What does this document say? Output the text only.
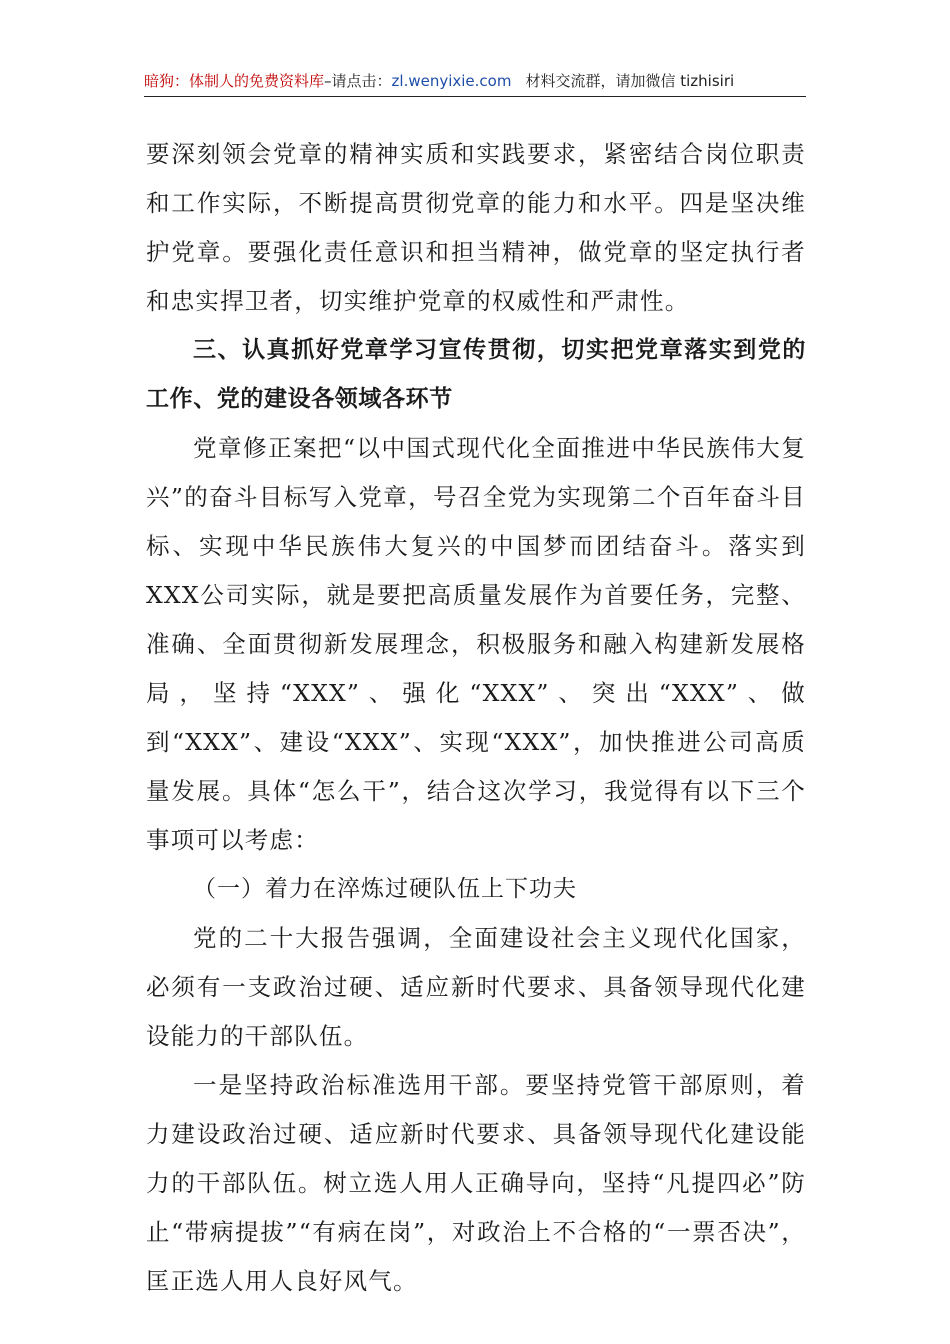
暗狗：体制人的免费资料库–请点击：zl.wenyixie.com 材料交流群，请加微信 tizhisiri

要深刻领会党章的精神实质和实践要求，紧密结合岗位职责和工作实际，不断提高贯彻党章的能力和水平。四是坚决维护党章。要强化责任意识和担当精神，做党章的坚定执行者和忠实捍卫者，切实维护党章的权威性和严肃性。

三、认真抓好党章学习宣传贯彻，切实把党章落实到党的工作、党的建设各领域各环节

党章修正案把“以中国式现代化全面推进中华民族伟大复兴”的奋斗目标写入党章，号召全党为实现第二个百年奋斗目标、实现中华民族伟大复兴的中国梦而团结奋斗。落实到XXX公司实际，就是要把高质量发展作为首要任务，完整、准确、全面贯彻新发展理念，积极服务和融入构建新发展格局，坚持“XXX”、强化“XXX”、突出“XXX”、做到“XXX”、建设“XXX”、实现“XXX”，加快推进公司高质量发展。具体“怎么干”，结合这次学习，我觉得有以下三个事项可以考虑：

（一）着力在淬炼过硬队伍上下功夫

党的二十大报告强调，全面建设社会主义现代化国家，必须有一支政治过硬、适应新时代要求、具备领导现代化建设能力的干部队伍。

一是坚持政治标准选用干部。要坚持党管干部原则，着力建设政治过硬、适应新时代要求、具备领导现代化建设能力的干部队伍。树立选人用人正确导向，坚持“凡提四必”防止“带病提拔”“有病在岗”，对政治上不合格的“一票否决”，匡正选人用人良好风气。
